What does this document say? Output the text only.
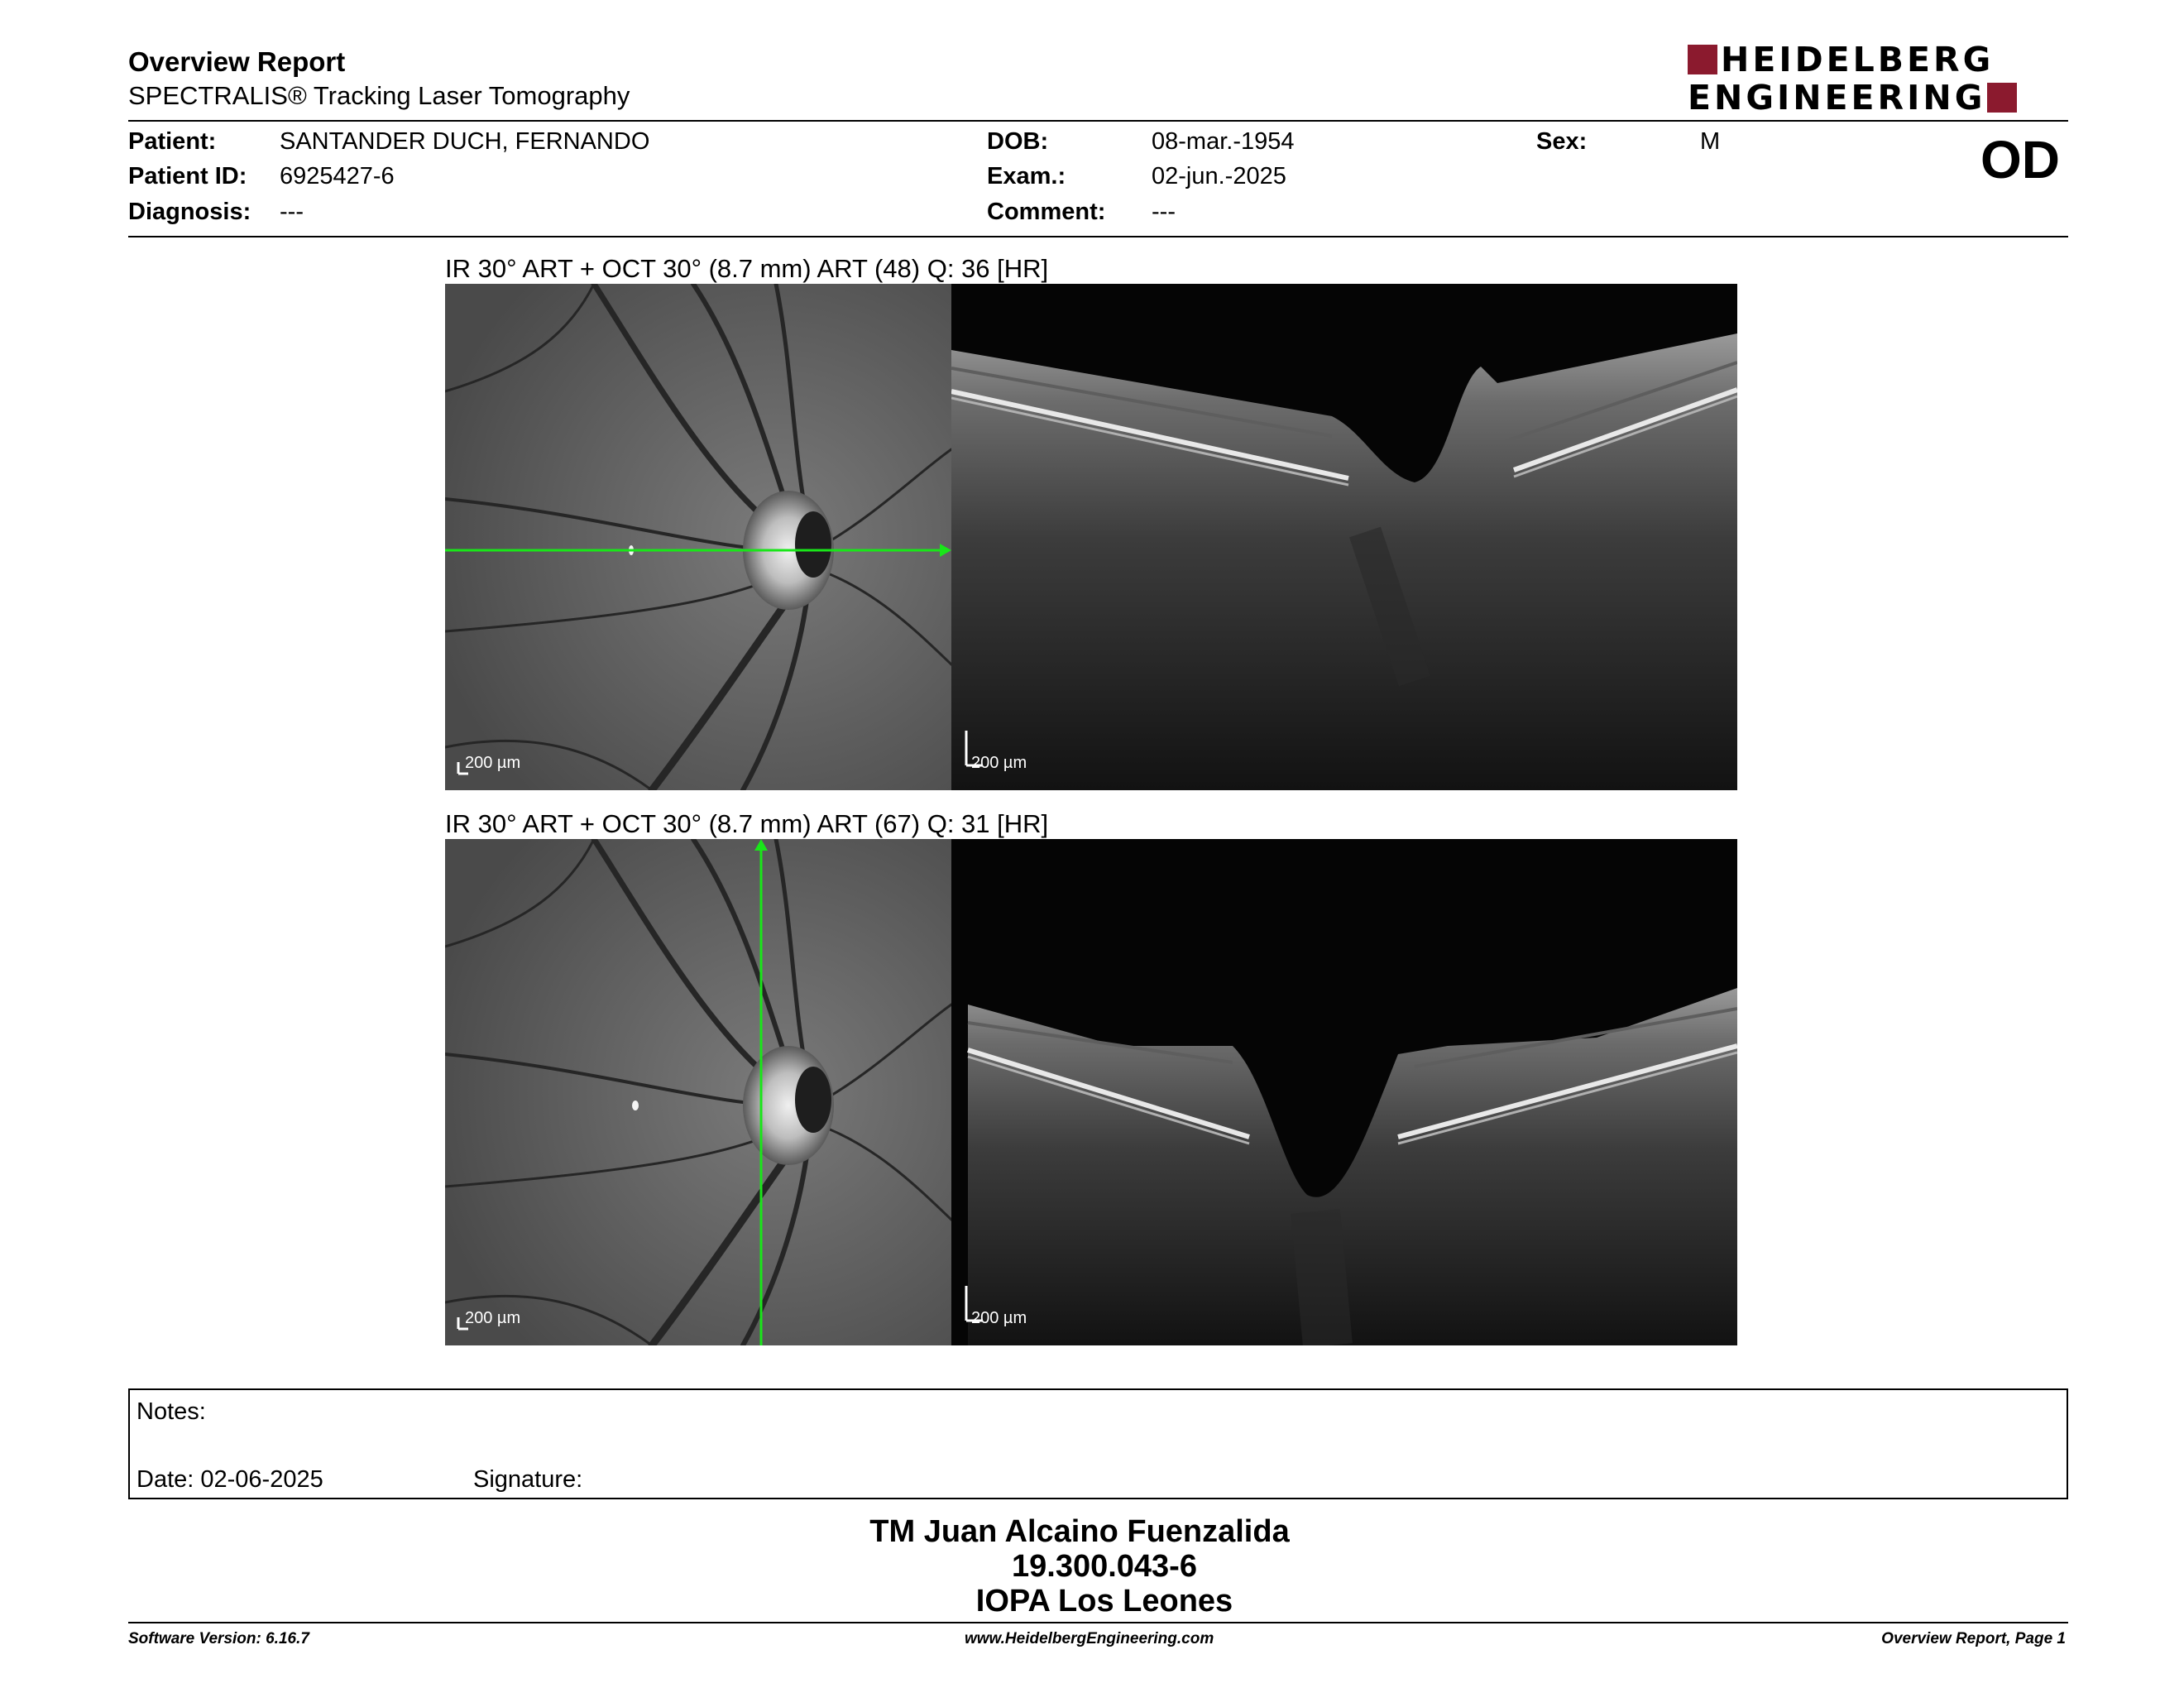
Overview Report
SPECTRALIS® Tracking Laser Tomography
HEIDELBERG
ENGINEERING
Patient:	SANTANDER DUCH, FERNANDO
Patient ID: 6925427-6
Diagnosis: ---
DOB:	08-mar.-1954
Exam.:	02-jun.-2025
Comment: ---
Sex:	M	OD
IR 30° ART + OCT 30° (8.7 mm) ART (48) Q: 36 [HR]
200 µm	200 µm
IR 30° ART + OCT 30° (8.7 mm) ART (67) Q: 31 [HR]
200 µm	200 µm
Notes:
Date: 02-06-2025	Signature:
TM Juan Alcaino Fuenzalida
19.300.043-6
IOPA Los Leones
Software Version: 6.16.7	www.HeidelbergEngineering.com	Overview Report, Page 1
